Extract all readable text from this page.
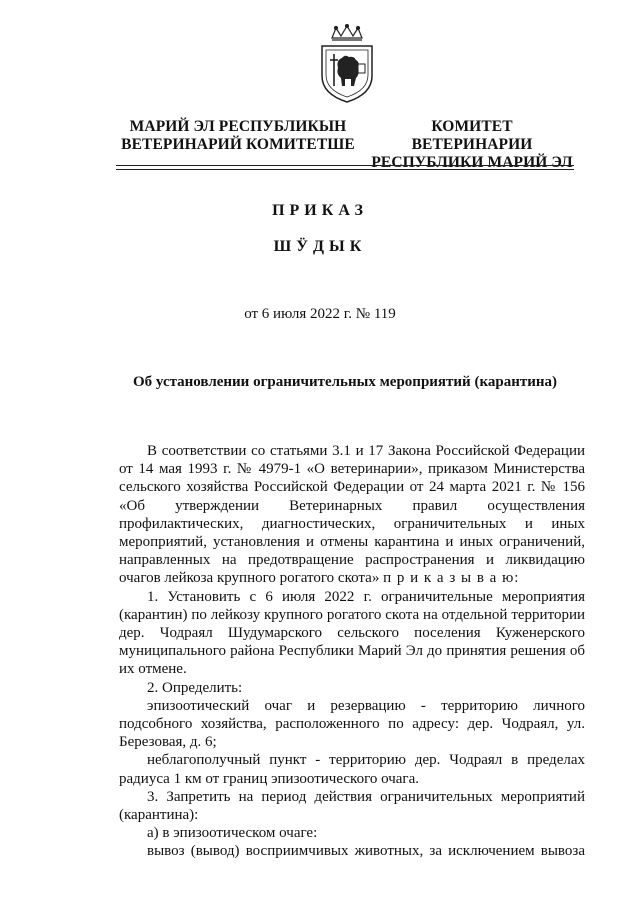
МАРИЙ ЭЛ РЕСПУБЛИКЫН
ВЕТЕРИНАРИЙ КОМИТЕТШЕ
КОМИТЕТ ВЕТЕРИНАРИИ
РЕСПУБЛИКИ МАРИЙ ЭЛ
ПРИКАЗ
ШӰДЫК
от 6 июля 2022 г. № 119
Об установлении ограничительных мероприятий (карантина)

В соответствии со статьями 3.1 и 17 Закона Российской Федерации от 14 мая 1993 г. № 4979-1 «О ветеринарии», приказом Министерства сельского хозяйства Российской Федерации от 24 марта 2021 г. № 156 «Об утверждении Ветеринарных правил осуществления профилактических, диагностических, ограничительных и иных мероприятий, установления и отмены карантина и иных ограничений, направленных на предотвращение распространения и ликвидацию очагов лейкоза крупного рогатого скота» п р и к а з ы в а ю:

1. Установить с 6 июля 2022 г. ограничительные мероприятия (карантин) по лейкозу крупного рогатого скота на отдельной территории дер. Чодраял Шудумарского сельского поселения Куженерского муниципального района Республики Марий Эл до принятия решения об их отмене.

2. Определить:

эпизоотический очаг и резервацию - территорию личного подсобного хозяйства, расположенного по адресу: дер. Чодраял, ул. Березовая, д. 6;

неблагополучный пункт - территорию дер. Чодраял в пределах радиуса 1 км от границ эпизоотического очага.

3. Запретить на период действия ограничительных мероприятий (карантина):

а) в эпизоотическом очаге:

вывоз (вывод) восприимчивых животных, за исключением вывоза
